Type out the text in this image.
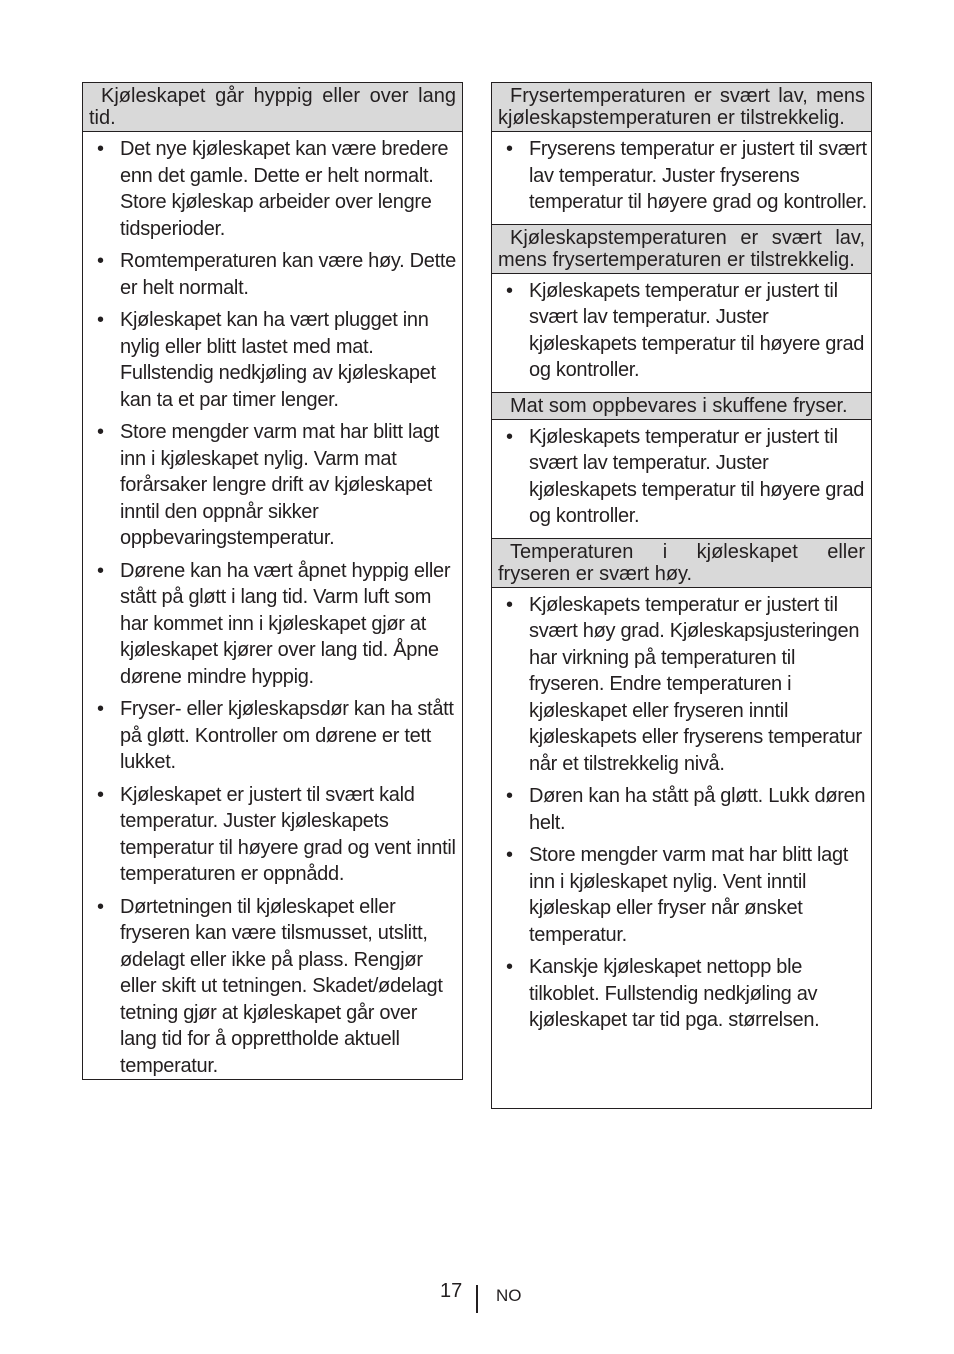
Kjøleskapet går hyppig eller over lang tid.
• Det nye kjøleskapet kan være bredere enn det gamle. Dette er helt normalt. Store kjøleskap arbeider over lengre tidsperioder.
• Romtemperaturen kan være høy. Dette er helt normalt.
• Kjøleskapet kan ha vært plugget inn nylig eller blitt lastet med mat. Fullstendig nedkjøling av kjøleskapet kan ta et par timer lenger.
• Store mengder varm mat har blitt lagt inn i kjøleskapet nylig. Varm mat forårsaker lengre drift av kjøleskapet inntil den oppnår sikker oppbevaringstemperatur.
• Dørene kan ha vært åpnet hyppig eller stått på gløtt i lang tid. Varm luft som har kommet inn i kjøleskapet gjør at kjøleskapet kjører over lang tid. Åpne dørene mindre hyppig.
• Fryser- eller kjøleskapsdør kan ha stått på gløtt. Kontroller om dørene er tett lukket.
• Kjøleskapet er justert til svært kald temperatur. Juster kjøleskapets temperatur til høyere grad og vent inntil temperaturen er oppnådd.
• Dørtetningen til kjøleskapet eller fryseren kan være tilsmusset, utslitt, ødelagt eller ikke på plass. Rengjør eller skift ut tetningen. Skadet/ødelagt tetning gjør at kjøleskapet går over lang tid for å opprettholde aktuell temperatur.
Frysertemperaturen er svært lav, mens kjøleskapstemperaturen er tilstrekkelig.
• Fryserens temperatur er justert til svært lav temperatur. Juster fryserens temperatur til høyere grad og kontroller.
Kjøleskapstemperaturen er svært lav, mens frysertemperaturen er tilstrekkelig.
• Kjøleskapets temperatur er justert til svært lav temperatur. Juster kjøleskapets temperatur til høyere grad og kontroller.
Mat som oppbevares i skuffene fryser.
• Kjøleskapets temperatur er justert til svært lav temperatur. Juster kjøleskapets temperatur til høyere grad og kontroller.
Temperaturen i kjøleskapet eller fryseren er svært høy.
• Kjøleskapets temperatur er justert til svært høy grad. Kjøleskapsjusteringen har virkning på temperaturen til fryseren. Endre temperaturen i kjøleskapet eller fryseren inntil kjøleskapets eller fryserens temperatur når et tilstrekkelig nivå.
• Døren kan ha stått på gløtt. Lukk døren helt.
• Store mengder varm mat har blitt lagt inn i kjøleskapet nylig. Vent inntil kjøleskap eller fryser når ønsket temperatur.
• Kanskje kjøleskapet nettopp ble tilkoblet. Fullstendig nedkjøling av kjøleskapet tar tid pga. størrelsen.
17 NO
